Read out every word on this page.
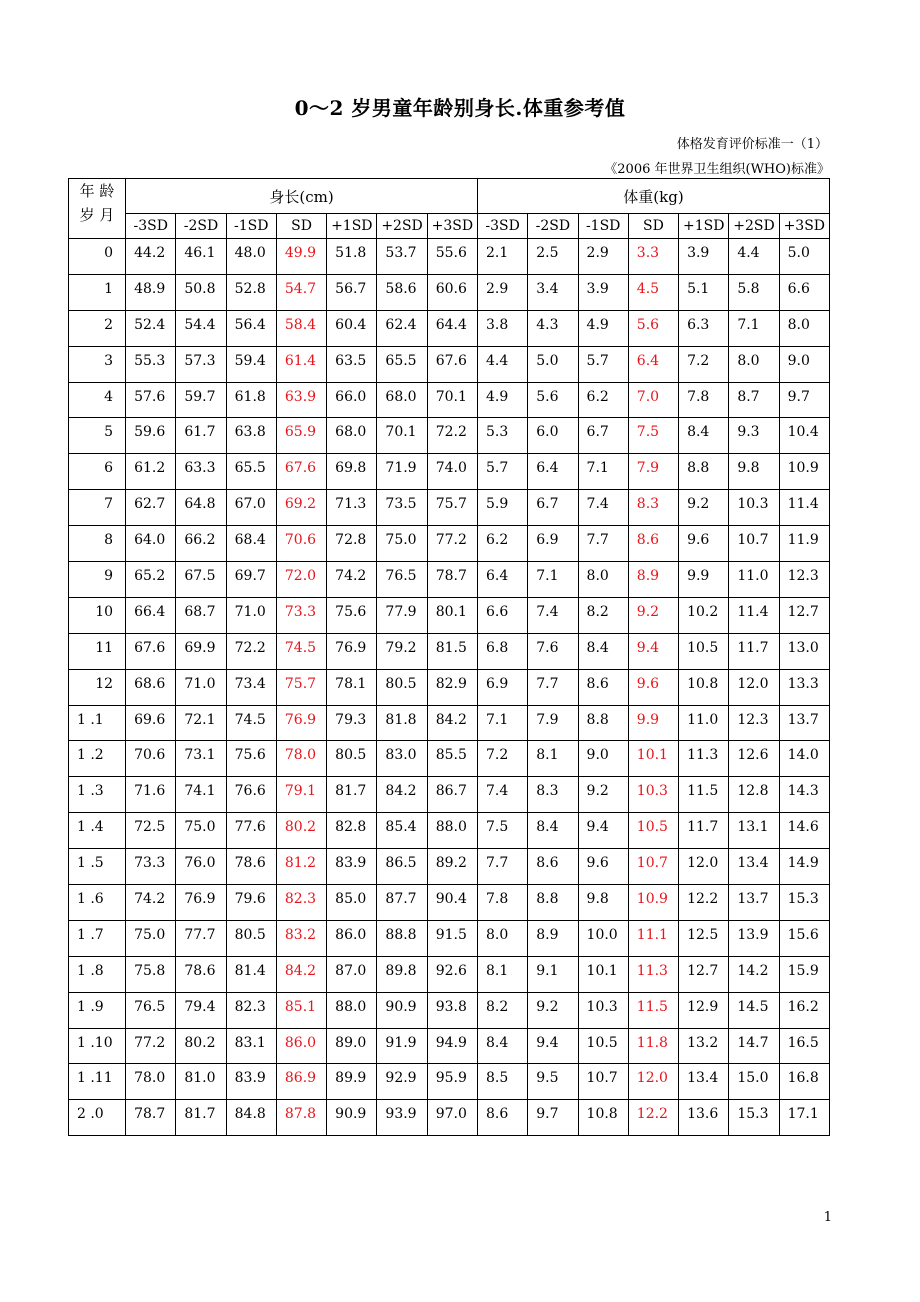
0～2 岁男童年龄别身长.体重参考值
体格发育评价标准一（1）
《2006 年世界卫生组织(WHO)标准》
年 龄
岁 月	身长(cm)							体重(kg)						
	-3SD	-2SD	-1SD	SD	+1SD	+2SD	+3SD	-3SD	-2SD	-1SD	SD	+1SD	+2SD	+3SD
0	44.2	46.1	48.0	49.9	51.8	53.7	55.6	2.1	2.5	2.9	3.3	3.9	4.4	5.0
1	48.9	50.8	52.8	54.7	56.7	58.6	60.6	2.9	3.4	3.9	4.5	5.1	5.8	6.6
2	52.4	54.4	56.4	58.4	60.4	62.4	64.4	3.8	4.3	4.9	5.6	6.3	7.1	8.0
3	55.3	57.3	59.4	61.4	63.5	65.5	67.6	4.4	5.0	5.7	6.4	7.2	8.0	9.0
4	57.6	59.7	61.8	63.9	66.0	68.0	70.1	4.9	5.6	6.2	7.0	7.8	8.7	9.7
5	59.6	61.7	63.8	65.9	68.0	70.1	72.2	5.3	6.0	6.7	7.5	8.4	9.3	10.4
6	61.2	63.3	65.5	67.6	69.8	71.9	74.0	5.7	6.4	7.1	7.9	8.8	9.8	10.9
7	62.7	64.8	67.0	69.2	71.3	73.5	75.7	5.9	6.7	7.4	8.3	9.2	10.3	11.4
8	64.0	66.2	68.4	70.6	72.8	75.0	77.2	6.2	6.9	7.7	8.6	9.6	10.7	11.9
9	65.2	67.5	69.7	72.0	74.2	76.5	78.7	6.4	7.1	8.0	8.9	9.9	11.0	12.3
10	66.4	68.7	71.0	73.3	75.6	77.9	80.1	6.6	7.4	8.2	9.2	10.2	11.4	12.7
11	67.6	69.9	72.2	74.5	76.9	79.2	81.5	6.8	7.6	8.4	9.4	10.5	11.7	13.0
12	68.6	71.0	73.4	75.7	78.1	80.5	82.9	6.9	7.7	8.6	9.6	10.8	12.0	13.3
1 .1	69.6	72.1	74.5	76.9	79.3	81.8	84.2	7.1	7.9	8.8	9.9	11.0	12.3	13.7
1 .2	70.6	73.1	75.6	78.0	80.5	83.0	85.5	7.2	8.1	9.0	10.1	11.3	12.6	14.0
1 .3	71.6	74.1	76.6	79.1	81.7	84.2	86.7	7.4	8.3	9.2	10.3	11.5	12.8	14.3
1 .4	72.5	75.0	77.6	80.2	82.8	85.4	88.0	7.5	8.4	9.4	10.5	11.7	13.1	14.6
1 .5	73.3	76.0	78.6	81.2	83.9	86.5	89.2	7.7	8.6	9.6	10.7	12.0	13.4	14.9
1 .6	74.2	76.9	79.6	82.3	85.0	87.7	90.4	7.8	8.8	9.8	10.9	12.2	13.7	15.3
1 .7	75.0	77.7	80.5	83.2	86.0	88.8	91.5	8.0	8.9	10.0	11.1	12.5	13.9	15.6
1 .8	75.8	78.6	81.4	84.2	87.0	89.8	92.6	8.1	9.1	10.1	11.3	12.7	14.2	15.9
1 .9	76.5	79.4	82.3	85.1	88.0	90.9	93.8	8.2	9.2	10.3	11.5	12.9	14.5	16.2
1 .10	77.2	80.2	83.1	86.0	89.0	91.9	94.9	8.4	9.4	10.5	11.8	13.2	14.7	16.5
1 .11	78.0	81.0	83.9	86.9	89.9	92.9	95.9	8.5	9.5	10.7	12.0	13.4	15.0	16.8
2 .0	78.7	81.7	84.8	87.8	90.9	93.9	97.0	8.6	9.7	10.8	12.2	13.6	15.3	17.1
1
